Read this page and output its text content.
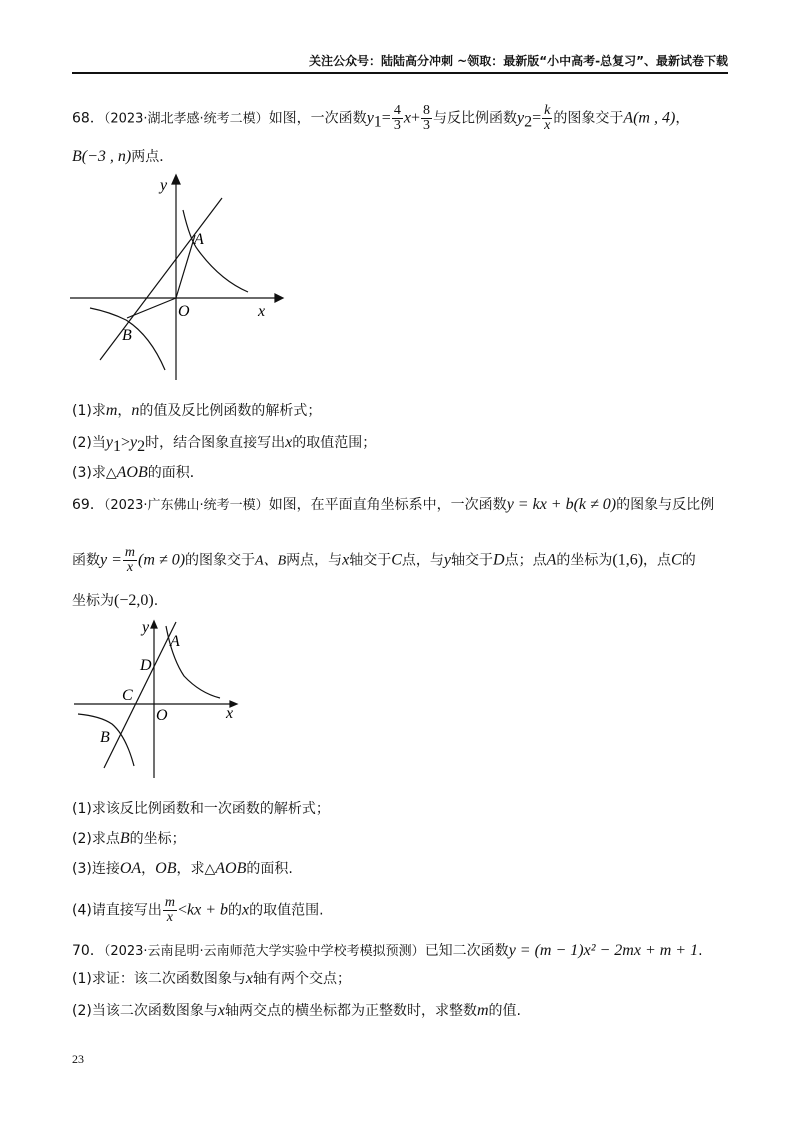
关注公众号：陆陆高分冲刺 ~领取：最新版“小中高考-总复习”、最新试卷下载
68．（2023·湖北孝感·统考二模）如图，一次函数$y_1= \frac{4}{3} x+ \frac{8}{3}$ 与反比例函数$y_2= \frac{k}{x}$ 的图象交于A(m , 4)，
B(−3 , n)两点．
y
A
O	x
B
(1)求m，n的值及反比例函数的解析式；
(2)当$y_1>y_2$时，结合图象直接写出x的取值范围；
(3)求△AOB的面积．
69．（2023·广东佛山·统考一模）如图，在平面直角坐标系中，一次函数y = kx + b(k ≠ 0)的图象与反比例
函数$y = \frac{m}{x} (m \ne 0)$的图象交于A、B两点，与x轴交于C点，与y轴交于D点；点A的坐标为(1,6)，点C的
坐标为(−2,0).
y
A
D
C
O	x
B
(1)求该反比例函数和一次函数的解析式；
(2)求点B的坐标；
(3)连接OA，OB，求△AOB的面积.
(4)请直接写出 $\frac{m}{x} <kx + b$的x的取值范围.
70．（2023·云南昆明·云南师范大学实验中学校考模拟预测）已知二次函数y = (m − 1)x² − 2mx + m + 1.
(1)求证：该二次函数图象与x轴有两个交点；
(2)当该二次函数图象与x轴两交点的横坐标都为正整数时，求整数m的值.
23
